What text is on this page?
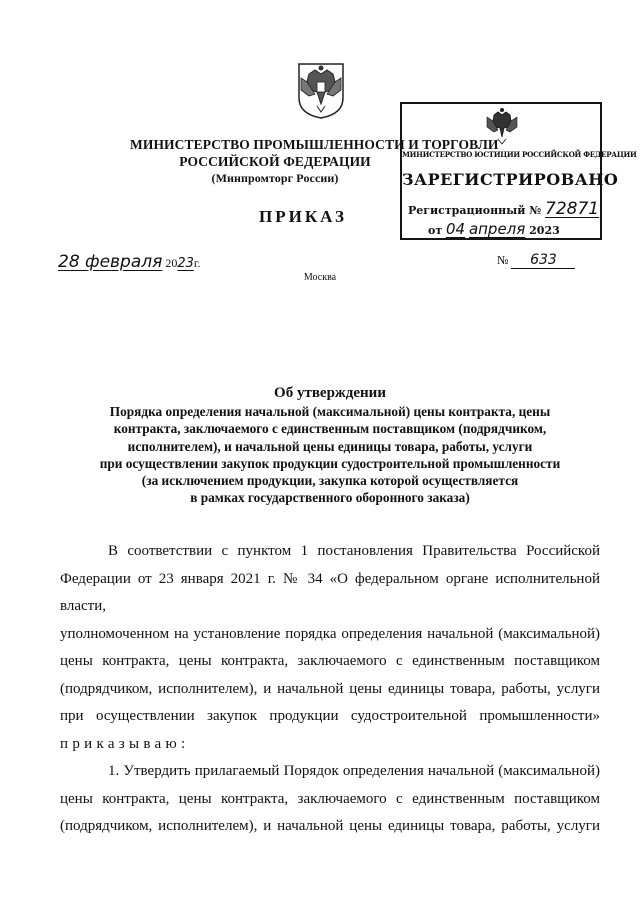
МИНИСТЕРСТВО ПРОМЫШЛЕННОСТИ И ТОРГОВЛИ
РОССИЙСКОЙ ФЕДЕРАЦИИ
(Минпромторг России)
ПРИКАЗ
МИНИСТЕРСТВО ЮСТИЦИИ РОССИЙСКОЙ ФЕДЕРАЦИИ
ЗАРЕГИСТРИРОВАНО
Регистрационный № 72871
от 04 апреля 2023
28 февраля 2023г.	№ 633
Москва
Об утверждении
Порядка определения начальной (максимальной) цены контракта, цены
контракта, заключаемого с единственным поставщиком (подрядчиком,
исполнителем), и начальной цены единицы товара, работы, услуги
при осуществлении закупок продукции судостроительной промышленности
(за исключением продукции, закупка которой осуществляется
в рамках государственного оборонного заказа)

В соответствии с пунктом 1 постановления Правительства Российской

Федерации от 23 января 2021 г. № 34 «О федеральном органе исполнительной власти,

уполномоченном на установление порядка определения начальной (максимальной)

цены контракта, цены контракта, заключаемого с единственным поставщиком

(подрядчиком, исполнителем), и начальной цены единицы товара, работы, услуги

при осуществлении закупок продукции судостроительной промышленности»

приказываю:

1. Утвердить прилагаемый Порядок определения начальной (максимальной)

цены контракта, цены контракта, заключаемого с единственным поставщиком

(подрядчиком, исполнителем), и начальной цены единицы товара, работы, услуги
